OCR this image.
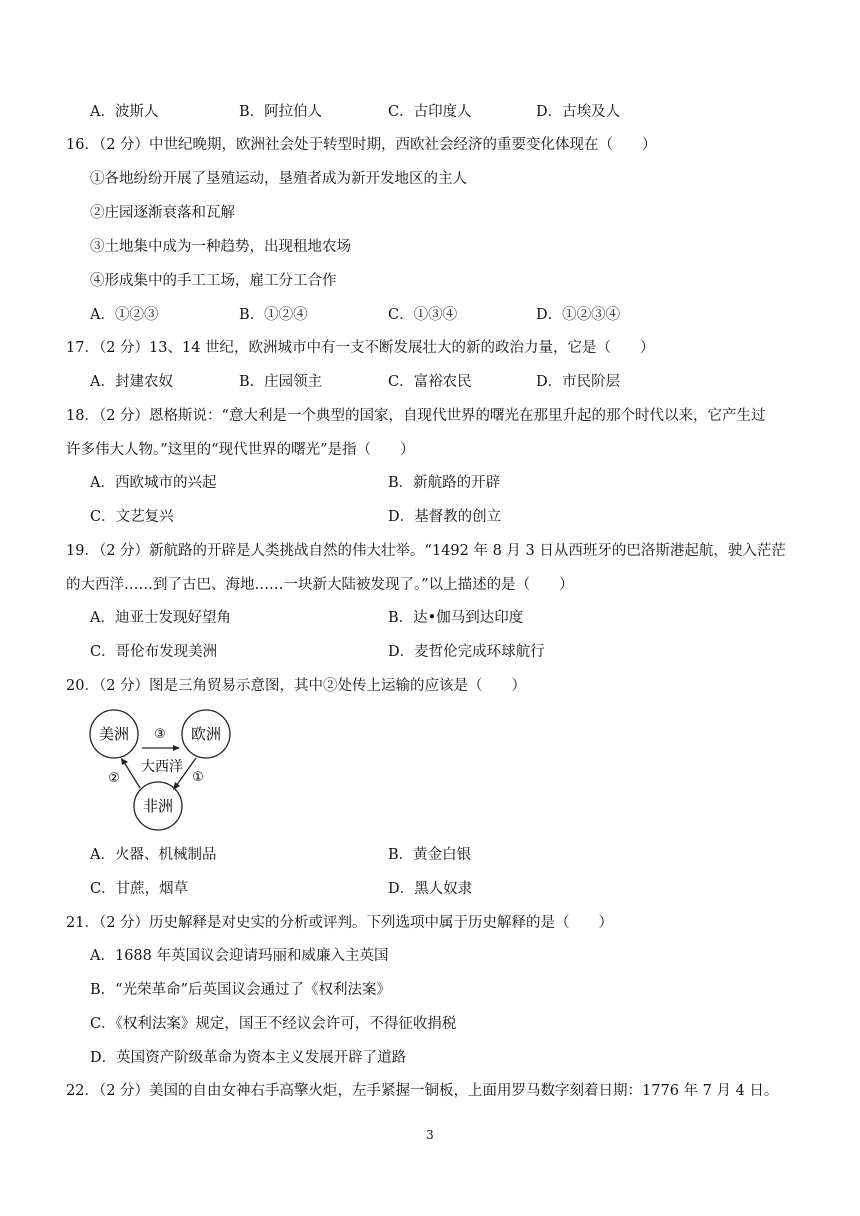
A．波斯人	B．阿拉伯人	C．古印度人	D．古埃及人
16．（2 分）中世纪晚期，欧洲社会处于转型时期，西欧社会经济的重要变化体现在（　　）
①各地纷纷开展了垦殖运动，垦殖者成为新开发地区的主人
②庄园逐渐衰落和瓦解
③土地集中成为一种趋势，出现租地农场
④形成集中的手工工场，雇工分工合作
A．①②③	B．①②④	C．①③④	D．①②③④
17．（2 分）13、14 世纪，欧洲城市中有一支不断发展壮大的新的政治力量，它是（　　）
A．封建农奴	B．庄园领主	C．富裕农民	D．市民阶层
18．（2 分）恩格斯说：“意大利是一个典型的国家，自现代世界的曙光在那里升起的那个时代以来，它产生过
许多伟大人物。”这里的“现代世界的曙光”是指（　　）
A．西欧城市的兴起	B．新航路的开辟
C．文艺复兴	D．基督教的创立
19．（2 分）新航路的开辟是人类挑战自然的伟大壮举。“1492 年 8 月 3 日从西班牙的巴洛斯港起航，驶入茫茫
的大西洋……到了古巴、海地……一块新大陆被发现了。”以上描述的是（　　）
A．迪亚士发现好望角	B．达•伽马到达印度
C．哥伦布发现美洲	D．麦哲伦完成环球航行
20．（2 分）图是三角贸易示意图，其中②处传上运输的应该是（　　）
美洲	欧洲
非洲
大西洋
③
①
②
A．火器、机械制品	B．黄金白银
C．甘蔗，烟草	D．黑人奴隶
21．（2 分）历史解释是对史实的分析或评判。下列选项中属于历史解释的是（　　）
A．1688 年英国议会迎请玛丽和威廉入主英国
B．“光荣革命”后英国议会通过了《权利法案》
C．《权利法案》规定，国王不经议会许可，不得征收捐税
D．英国资产阶级革命为资本主义发展开辟了道路
22．（2 分）美国的自由女神右手高擎火炬，左手紧握一铜板，上面用罗马数字刻着日期：1776 年 7 月 4 日。
3
